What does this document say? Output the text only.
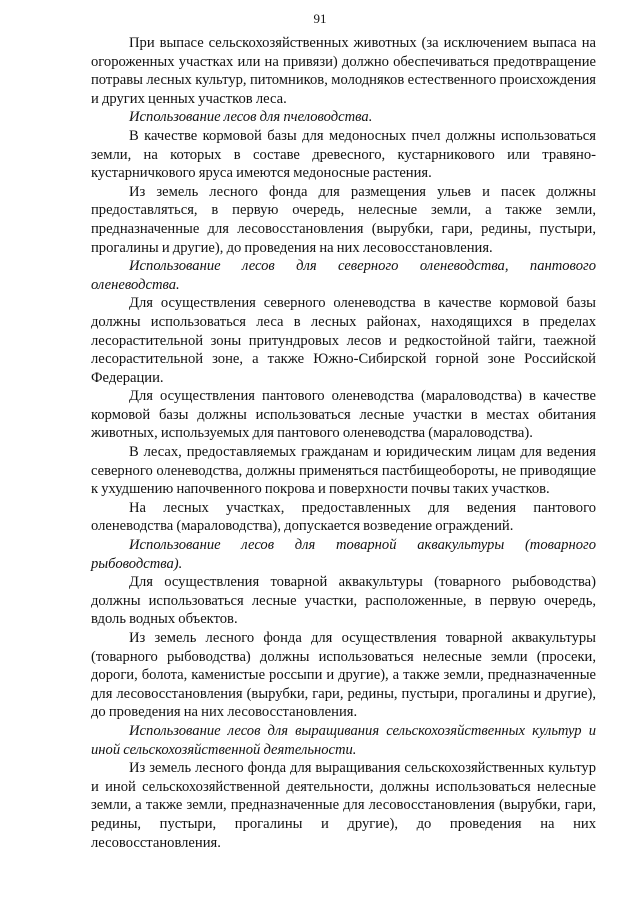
91

При выпасе сельскохозяйственных животных (за исключением выпаса на огороженных участках или на привязи) должно обеспечиваться предотвращение потравы лесных культур, питомников, молодняков естественного происхождения и других ценных участков леса.

Использование лесов для пчеловодства.

В качестве кормовой базы для медоносных пчел должны использоваться земли, на которых в составе древесного, кустарникового или травяно-кустарничкового яруса имеются медоносные растения.

Из земель лесного фонда для размещения ульев и пасек должны предоставляться, в первую очередь, нелесные земли, а также земли, предназначенные для лесовосстановления (вырубки, гари, редины, пустыри, прогалины и другие), до проведения на них лесовосстановления.

Использование лесов для северного оленеводства, пантового оленеводства.

Для осуществления северного оленеводства в качестве кормовой базы должны использоваться леса в лесных районах, находящихся в пределах лесорастительной зоны притундровых лесов и редкостойной тайги, таежной лесорастительной зоне, а также Южно-Сибирской горной зоне Российской Федерации.

Для осуществления пантового оленеводства (мараловодства) в качестве кормовой базы должны использоваться лесные участки в местах обитания животных, используемых для пантового оленеводства (мараловодства).

В лесах, предоставляемых гражданам и юридическим лицам для ведения северного оленеводства, должны применяться пастбищеобороты, не приводящие к ухудшению напочвенного покрова и поверхности почвы таких участков.

На лесных участках, предоставленных для ведения пантового оленеводства (мараловодства), допускается возведение ограждений.

Использование лесов для товарной аквакультуры (товарного рыбоводства).

Для осуществления товарной аквакультуры (товарного рыбоводства) должны использоваться лесные участки, расположенные, в первую очередь, вдоль водных объектов.

Из земель лесного фонда для осуществления товарной аквакультуры (товарного рыбоводства) должны использоваться нелесные земли (просеки, дороги, болота, каменистые россыпи и другие), а также земли, предназначенные для лесовосстановления (вырубки, гари, редины, пустыри, прогалины и другие), до проведения на них лесовосстановления.

Использование лесов для выращивания сельскохозяйственных культур и иной сельскохозяйственной деятельности.

Из земель лесного фонда для выращивания сельскохозяйственных культур и иной сельскохозяйственной деятельности, должны использоваться нелесные земли, а также земли, предназначенные для лесовосстановления (вырубки, гари, редины, пустыри, прогалины и другие), до проведения на них лесовосстановления.
